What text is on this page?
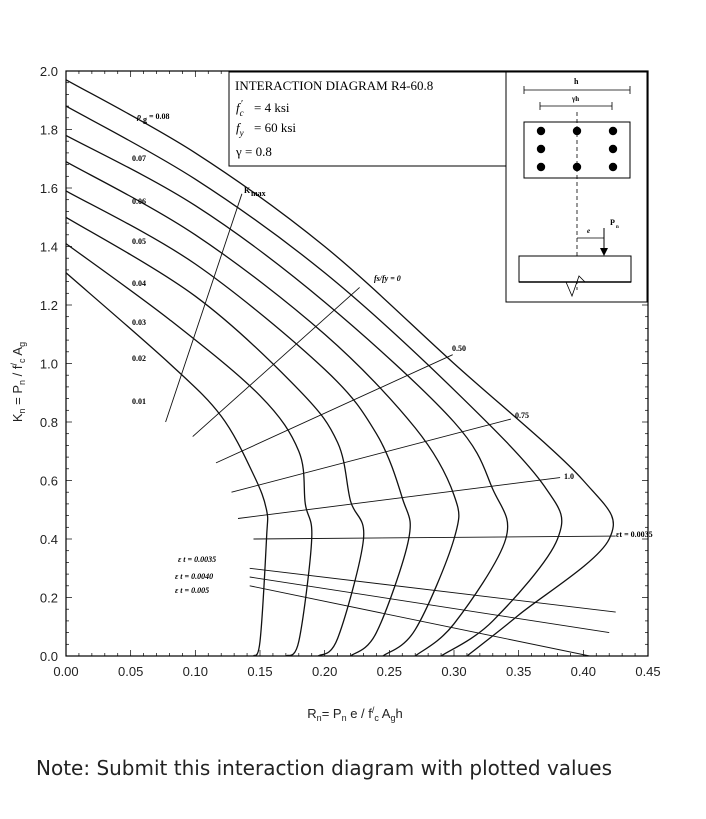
0.00	0.05	0.10	0.15	0.20	0.25	0.30	0.35	0.40	0.45
0.0
0.2
0.4
0.6
0.8
1.0
1.2
1.4
1.6
1.8
2.0
ρ g = 0.08
0.07
0.06
0.05
0.04
0.03
0.02
0.01
K max
fs/fy = 0
0.50
0.75
1.0
εt = 0.0035
ε t = 0.0035
ε t = 0.0040
ε t = 0.005
INTERACTION DIAGRAM R4-60.8
$f_c$
′ = 4 ksi
$f_y = 60$ ksi
γ = 0.8
h
γh
e
P
n
$R_n= P_n$ e / $f^/_c$ $A_gh$
$K_n = P_n / f^/_c$ $A_g$
Note: Submit this interaction diagram with plotted values
